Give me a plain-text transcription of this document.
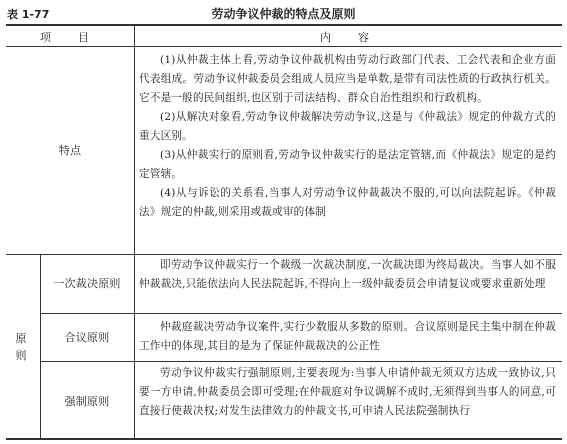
表 1-77	劳动争议仲裁的特点及原则
项　目	内　容
特点

(1)从仲裁主体上看,劳动争议仲裁机构由劳动行政部门代表、工会代表和企业方面代表组成。劳动争议仲裁委员会组成人员应当是单数,是带有司法性质的行政执行机关。它不是一般的民间组织,也区别于司法结构、群众自治性组织和行政机构。

(2)从解决对象看,劳动争议仲裁解决劳动争议,这是与《仲裁法》规定的仲裁方式的重大区别。

(3)从仲裁实行的原则看,劳动争议仲裁实行的是法定管辖,而《仲裁法》规定的是约定管辖。

(4)从与诉讼的关系看,当事人对劳动争议仲裁裁决不服的,可以向法院起诉。《仲裁法》规定的仲裁,则采用或裁或审的体制

原则
一次裁决原则

即劳动争议仲裁实行一个裁级一次裁决制度,一次裁决即为终局裁决。当事人如不服仲裁裁决,只能依法向人民法院起诉,不得向上一级仲裁委员会申请复议或要求重新处理

合议原则

仲裁庭裁决劳动争议案件,实行少数服从多数的原则。合议原则是民主集中制在仲裁工作中的体现,其目的是为了保证仲裁裁决的公正性

强制原则

劳动争议仲裁实行强制原则,主要表现为:当事人申请仲裁无须双方达成一致协议,只要一方申请,仲裁委员会即可受理;在仲裁庭对争议调解不成时,无须得到当事人的同意,可直接行使裁决权;对发生法律效力的仲裁文书,可申请人民法院强制执行
